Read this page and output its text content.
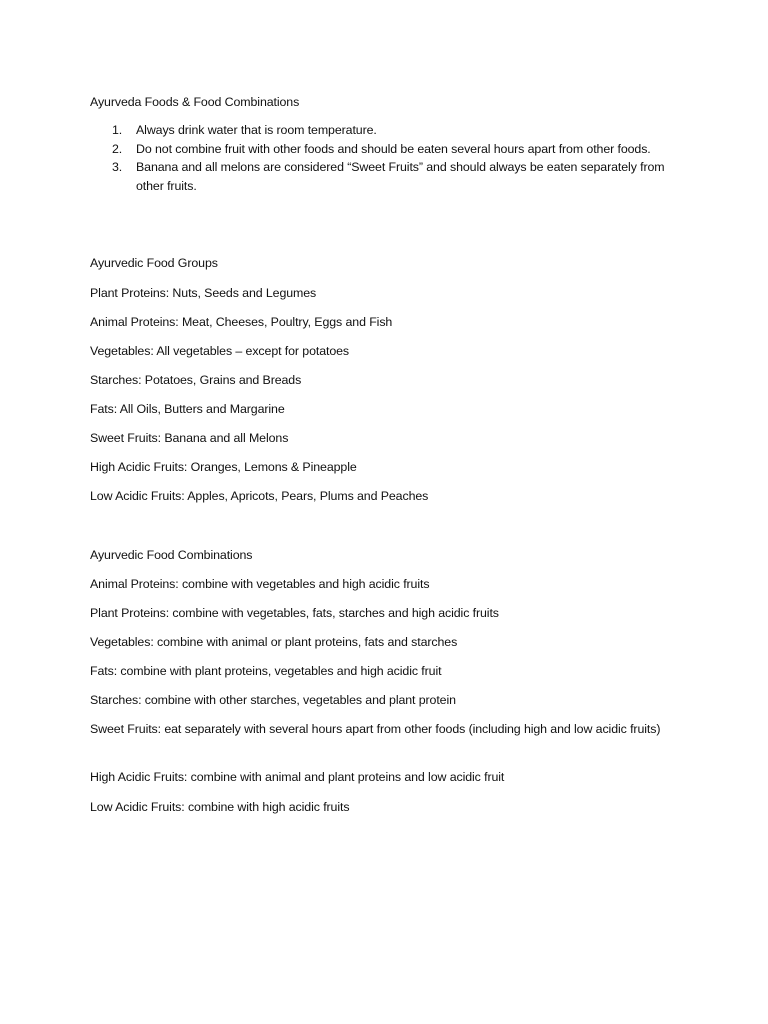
Ayurveda Foods & Food Combinations
1. Always drink water that is room temperature.
2. Do not combine fruit with other foods and should be eaten several hours apart from other foods.
3. Banana and all melons are considered “Sweet Fruits” and should always be eaten separately from other fruits.
Ayurvedic Food Groups
Plant Proteins: Nuts, Seeds and Legumes
Animal Proteins: Meat, Cheeses, Poultry, Eggs and Fish
Vegetables: All vegetables – except for potatoes
Starches: Potatoes, Grains and Breads
Fats: All Oils, Butters and Margarine
Sweet Fruits: Banana and all Melons
High Acidic Fruits: Oranges, Lemons & Pineapple
Low Acidic Fruits: Apples, Apricots, Pears, Plums and Peaches
Ayurvedic Food Combinations
Animal Proteins: combine with vegetables and high acidic fruits
Plant Proteins: combine with vegetables, fats, starches and high acidic fruits
Vegetables: combine with animal or plant proteins, fats and starches
Fats: combine with plant proteins, vegetables and high acidic fruit
Starches: combine with other starches, vegetables and plant protein
Sweet Fruits: eat separately with several hours apart from other foods (including high and low acidic fruits)
High Acidic Fruits: combine with animal and plant proteins and low acidic fruit
Low Acidic Fruits: combine with high acidic fruits
